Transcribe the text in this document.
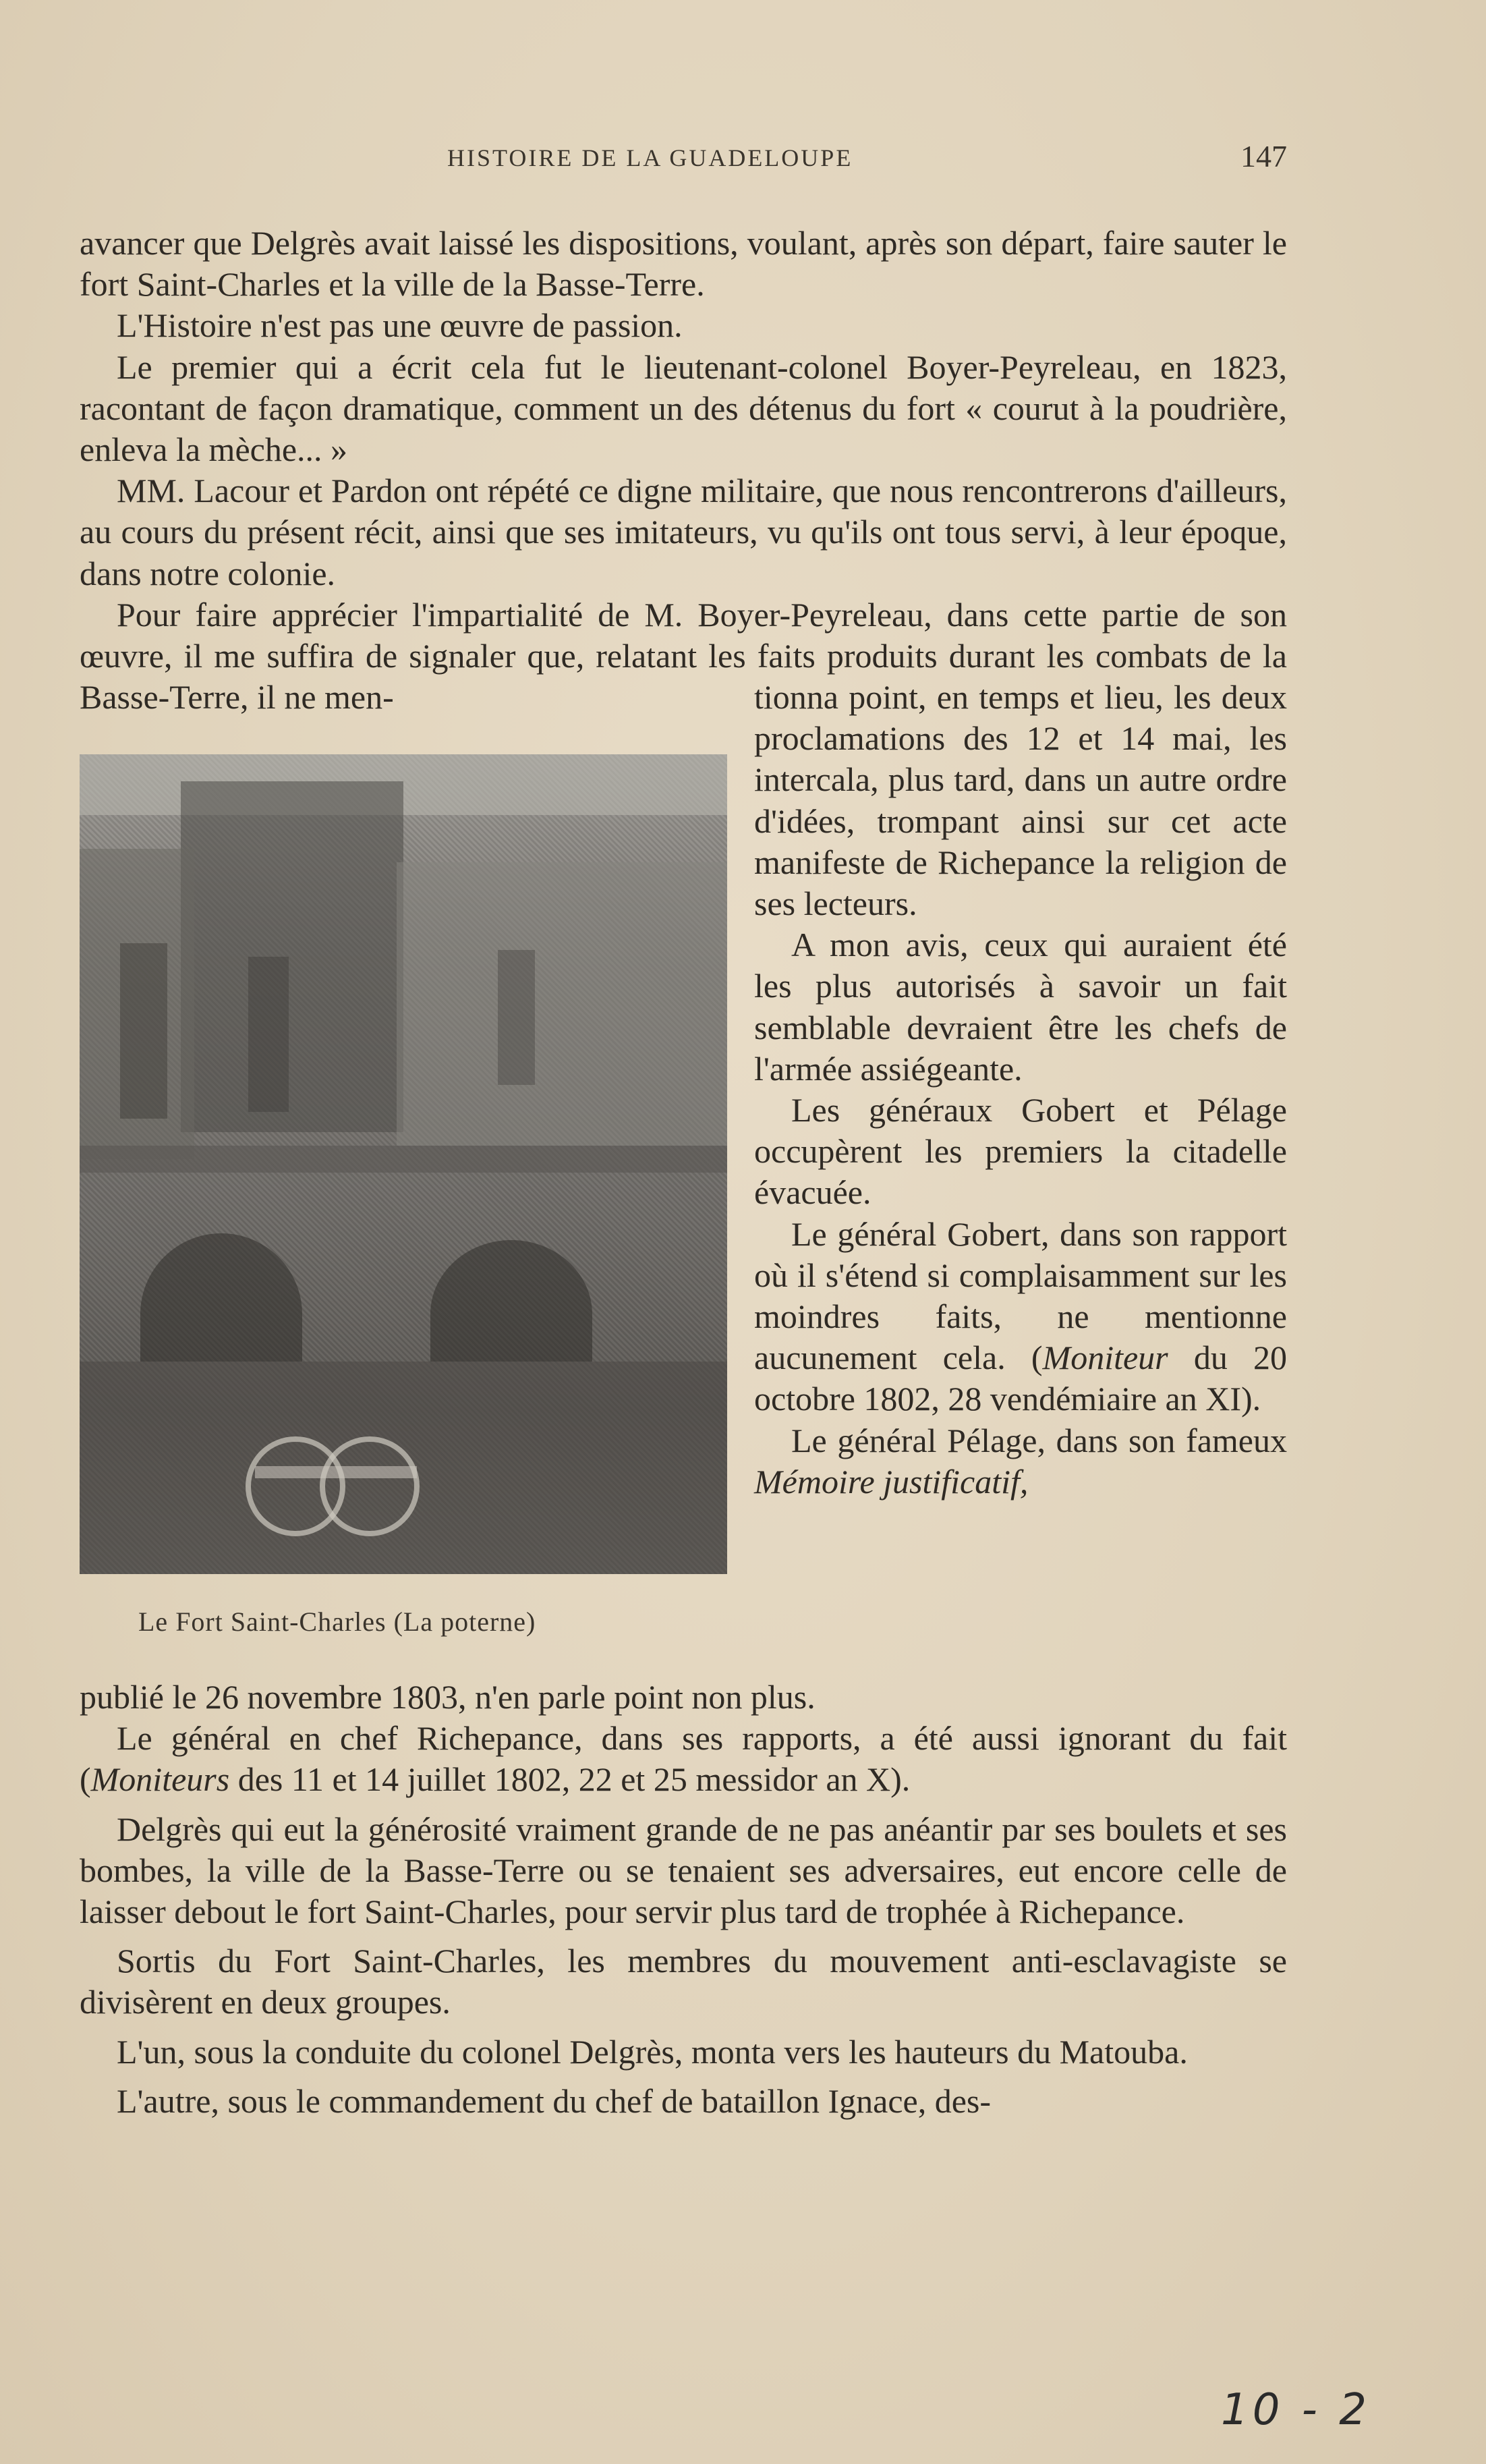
HISTOIRE DE LA GUADELOUPE	147

avancer que Delgrès avait laissé les dispositions, voulant, après son départ, faire sauter le fort Saint-Charles et la ville de la Basse-Terre.

L'Histoire n'est pas une œuvre de passion.

Le premier qui a écrit cela fut le lieutenant-colonel Boyer-Peyreleau, en 1823, racontant de façon dramatique, comment un des détenus du fort « courut à la poudrière, enleva la mèche... »

MM. Lacour et Pardon ont répété ce digne militaire, que nous rencontrerons d'ailleurs, au cours du présent récit, ainsi que ses imitateurs, vu qu'ils ont tous servi, à leur époque, dans notre colonie.

Pour faire apprécier l'impartialité de M. Boyer-Peyreleau, dans cette partie de son œuvre, il me suffira de signaler que, relatant les faits produits durant les combats de la Basse-Terre, il ne men-

Le Fort Saint-Charles (La poterne)

tionna point, en temps et lieu, les deux proclamations des 12 et 14 mai, les intercala, plus tard, dans un autre ordre d'idées, trompant ainsi sur cet acte manifeste de Richepance la religion de ses lecteurs.

A mon avis, ceux qui auraient été les plus autorisés à savoir un fait semblable devraient être les chefs de l'armée assiégeante.

Les généraux Gobert et Pélage occupèrent les premiers la citadelle évacuée.

Le général Gobert, dans son rapport où il s'étend si complaisamment sur les moindres faits, ne mentionne aucunement cela. (Moniteur du 20 octobre 1802, 28 vendémiaire an XI).

Le général Pélage, dans son fameux Mémoire justificatif,

publié le 26 novembre 1803, n'en parle point non plus.

Le général en chef Richepance, dans ses rapports, a été aussi ignorant du fait (Moniteurs des 11 et 14 juillet 1802, 22 et 25 messidor an X).

Delgrès qui eut la générosité vraiment grande de ne pas anéantir par ses boulets et ses bombes, la ville de la Basse-Terre ou se tenaient ses adversaires, eut encore celle de laisser debout le fort Saint-Charles, pour servir plus tard de trophée à Richepance.

Sortis du Fort Saint-Charles, les membres du mouvement anti-esclavagiste se divisèrent en deux groupes.

L'un, sous la conduite du colonel Delgrès, monta vers les hauteurs du Matouba.

L'autre, sous le commandement du chef de bataillon Ignace, des-

10 - 2
